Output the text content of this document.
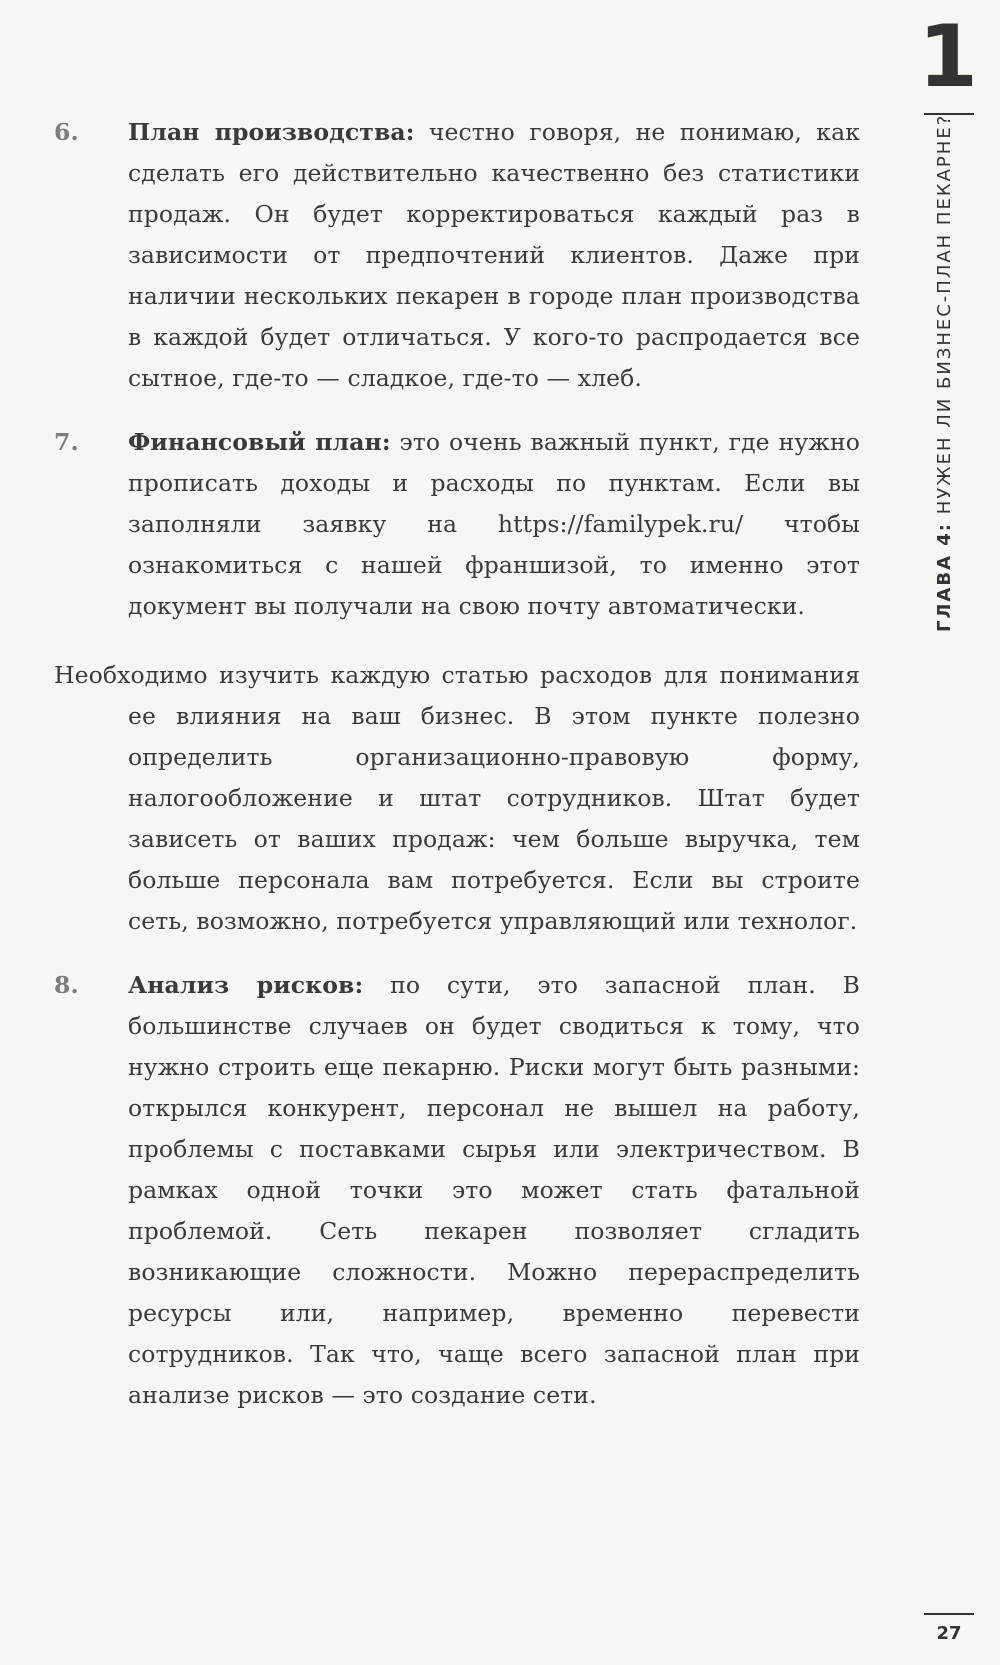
6. План производства: честно говоря, не понимаю, как сделать его действительно качественно без статистики продаж. Он будет корректироваться каждый раз в зависимости от предпочтений клиентов. Даже при наличии нескольких пекарен в городе план производства в каждой будет отличаться. У кого-то распродается все сытное, где-то — сладкое, где-то — хлеб.
7. Финансовый план: это очень важный пункт, где нужно прописать доходы и расходы по пунктам. Если вы заполняли заявку на https://familypek.ru/ чтобы ознакомиться с нашей франшизой, то именно этот документ вы получали на свою почту автоматически.
Необходимо изучить каждую статью расходов для понимания ее влияния на ваш бизнес. В этом пункте полезно определить организационно-правовую форму, налогообложение и штат сотрудников. Штат будет зависеть от ваших продаж: чем больше выручка, тем больше персонала вам потребуется. Если вы строите сеть, возможно, потребуется управляющий или технолог.
8. Анализ рисков: по сути, это запасной план. В большинстве случаев он будет сводиться к тому, что нужно строить еще пекарню. Риски могут быть разными: открылся конкурент, персонал не вышел на работу, проблемы с поставками сырья или электричеством. В рамках одной точки это может стать фатальной проблемой. Сеть пекарен позволяет сгладить возникающие сложности. Можно перераспределить ресурсы или, например, временно перевести сотрудников. Так что, чаще всего запасной план при анализе рисков — это создание сети.
1
ГЛАВА 4: НУЖЕН ЛИ БИЗНЕС-ПЛАН ПЕКАРНЕ?
27
